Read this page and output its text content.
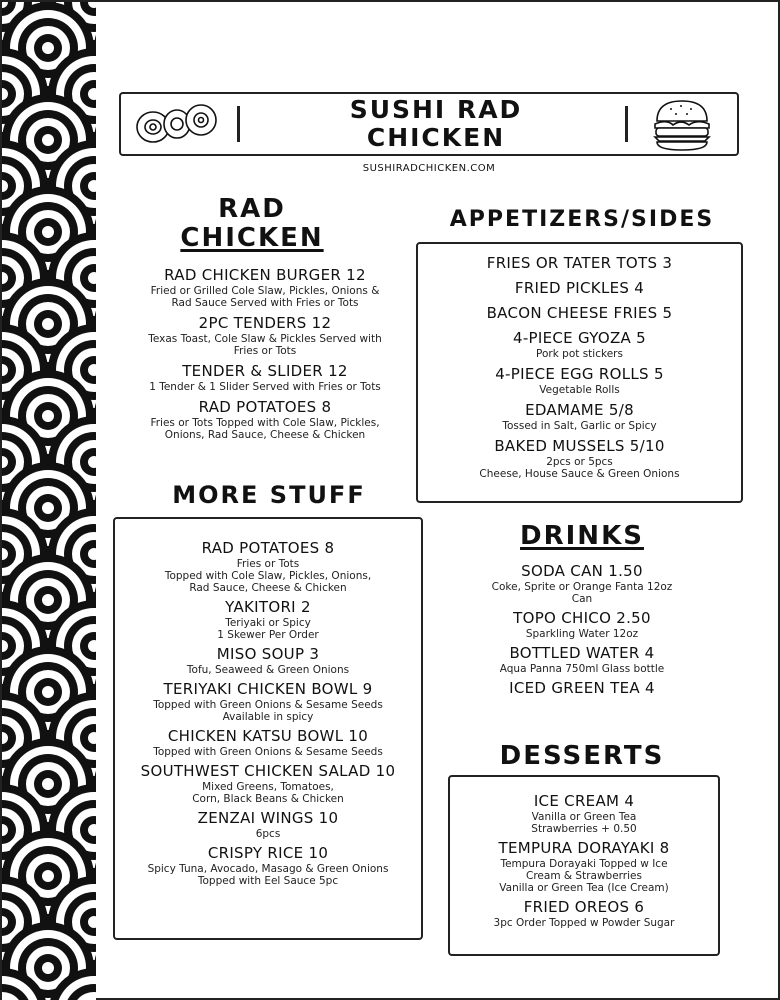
SUSHI RAD
CHICKEN
SUSHIRADCHICKEN.COM
RAD
CHICKEN
RAD CHICKEN BURGER 12
Fried or Grilled Cole Slaw, Pickles, Onions &
Rad Sauce Served with Fries or Tots
2PC TENDERS 12
Texas Toast, Cole Slaw & Pickles Served with
Fries or Tots
TENDER & SLIDER 12
1 Tender & 1 Slider Served with Fries or Tots
RAD POTATOES 8
Fries or Tots Topped with Cole Slaw, Pickles,
Onions, Rad Sauce, Cheese & Chicken
MORE STUFF
RAD POTATOES 8
Fries or Tots
Topped with Cole Slaw, Pickles, Onions,
Rad Sauce, Cheese & Chicken
YAKITORI 2
Teriyaki or Spicy
1 Skewer Per Order
MISO SOUP 3
Tofu, Seaweed & Green Onions
TERIYAKI CHICKEN BOWL 9
Topped with Green Onions & Sesame Seeds
Available in spicy
CHICKEN KATSU BOWL 10
Topped with Green Onions & Sesame Seeds
SOUTHWEST CHICKEN SALAD 10
Mixed Greens, Tomatoes,
Corn, Black Beans & Chicken
ZENZAI WINGS 10
6pcs
CRISPY RICE 10
Spicy Tuna, Avocado, Masago & Green Onions
Topped with Eel Sauce 5pc
APPETIZERS/SIDES
FRIES OR TATER TOTS 3
FRIED PICKLES 4
BACON CHEESE FRIES 5
4-PIECE GYOZA 5
Pork pot stickers
4-PIECE EGG ROLLS 5
Vegetable Rolls
EDAMAME 5/8
Tossed in Salt, Garlic or Spicy
BAKED MUSSELS 5/10
2pcs or 5pcs
Cheese, House Sauce & Green Onions
DRINKS
SODA CAN 1.50
Coke, Sprite or Orange Fanta 12oz
Can
TOPO CHICO 2.50
Sparkling Water 12oz
BOTTLED WATER 4
Aqua Panna 750ml Glass bottle
ICED GREEN TEA 4
DESSERTS
ICE CREAM 4
Vanilla or Green Tea
Strawberries + 0.50
TEMPURA DORAYAKI 8
Tempura Dorayaki Topped w Ice
Cream & Strawberries
Vanilla or Green Tea (Ice Cream)
FRIED OREOS 6
3pc Order Topped w Powder Sugar
